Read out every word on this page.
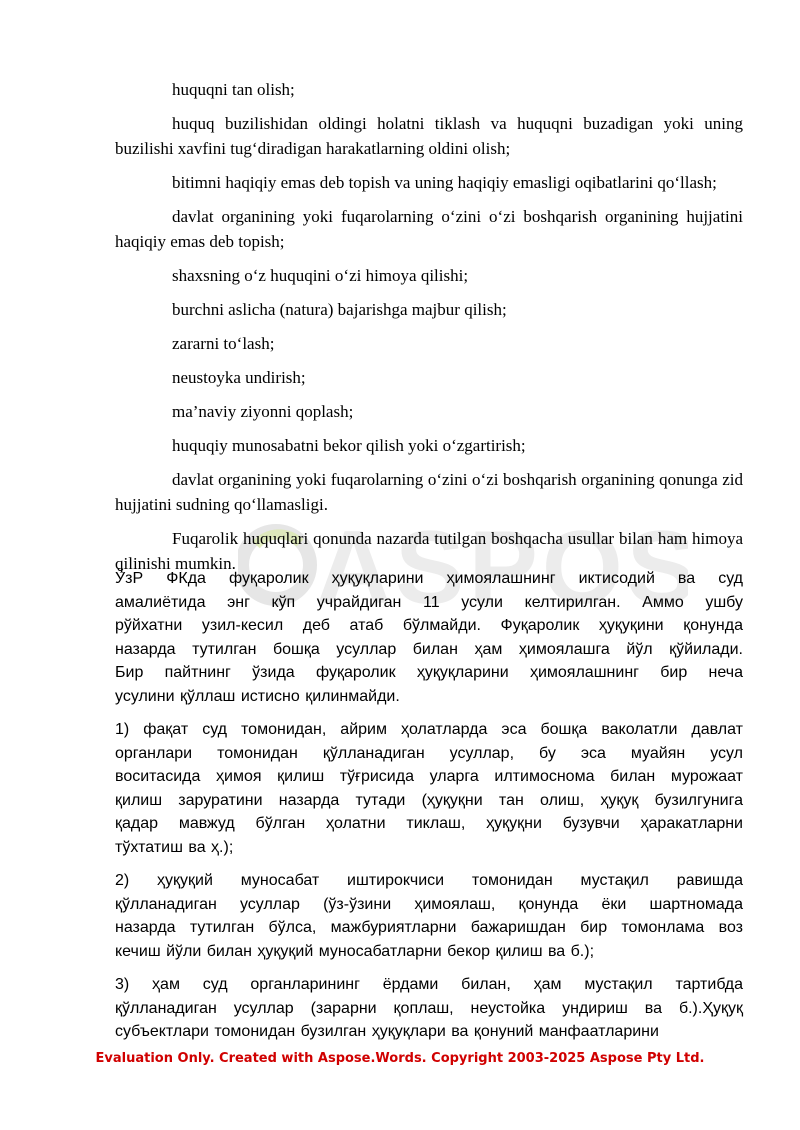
ASPOS

huquqni tan olish;

huquq buzilishidan oldingi holatni tiklash va huquqni buzadigan yoki uning buzilishi xavfini tug‘diradigan harakatlarning oldini olish;

bitimni haqiqiy emas deb topish va uning haqiqiy emasligi oqibatlarini qo‘llash;

davlat organining yoki fuqarolarning o‘zini o‘zi boshqarish organining hujjatini haqiqiy emas deb topish;

shaxsning o‘z huquqini o‘zi himoya qilishi;

burchni aslicha (natura) bajarishga majbur qilish;

zararni to‘lash;

neustoyka undirish;

ma’naviy ziyonni qoplash;

huquqiy munosabatni bekor qilish yoki o‘zgartirish;

davlat organining yoki fuqarolarning o‘zini o‘zi boshqarish organining qonunga zid hujjatini sudning qo‘llamasligi.

Fuqarolik huquqlari qonunda nazarda tutilgan boshqacha usullar bilan ham himoya qilinishi mumkin.

ЎзР ФКда фуқаролик ҳуқуқларини ҳимоялашнинг иктисодий ва суд
амалиётида энг кўп учрайдиган 11 усули келтирилган. Аммо ушбу
рўйхатни узил-кесил деб атаб бўлмайди. Фуқаролик ҳуқуқини қонунда
назарда тутилган бошқа усуллар билан ҳам ҳимоялашга йўл қўйилади.
Бир пайтнинг ўзида фуқаролик ҳуқуқларини ҳимоялашнинг бир неча
усулини қўллаш истисно қилинмайди.

1) фақат суд томонидан, айрим ҳолатларда эса бошқа ваколатли давлат
органлари томонидан қўлланадиган усуллар, бу эса муайян усул
воситасида ҳимоя қилиш тўғрисида уларга илтимоснома билан мурожаат
қилиш заруратини назарда тутади (ҳуқуқни тан олиш, ҳуқуқ бузилгунига
қадар мавжуд бўлган ҳолатни тиклаш, ҳуқуқни бузувчи ҳаракатларни
тўхтатиш ва ҳ.);

2) ҳуқуқий муносабат иштирокчиси томонидан мустақил равишда
қўлланадиган усуллар (ўз-ўзини ҳимоялаш, қонунда ёки шартномада
назарда тутилган бўлса, мажбуриятларни бажаришдан бир томонлама воз
кечиш йўли билан ҳуқуқий муносабатларни бекор қилиш ва б.);

3) ҳам суд органларининг ёрдами билан, ҳам мустақил тартибда
қўлланадиган усуллар (зарарни қоплаш, неустойка ундириш ва б.).Ҳуқуқ
субъектлари томонидан бузилган ҳуқуқлари ва қонуний манфаатларини

Evaluation Only. Created with Aspose.Words. Copyright 2003-2025 Aspose Pty Ltd.
